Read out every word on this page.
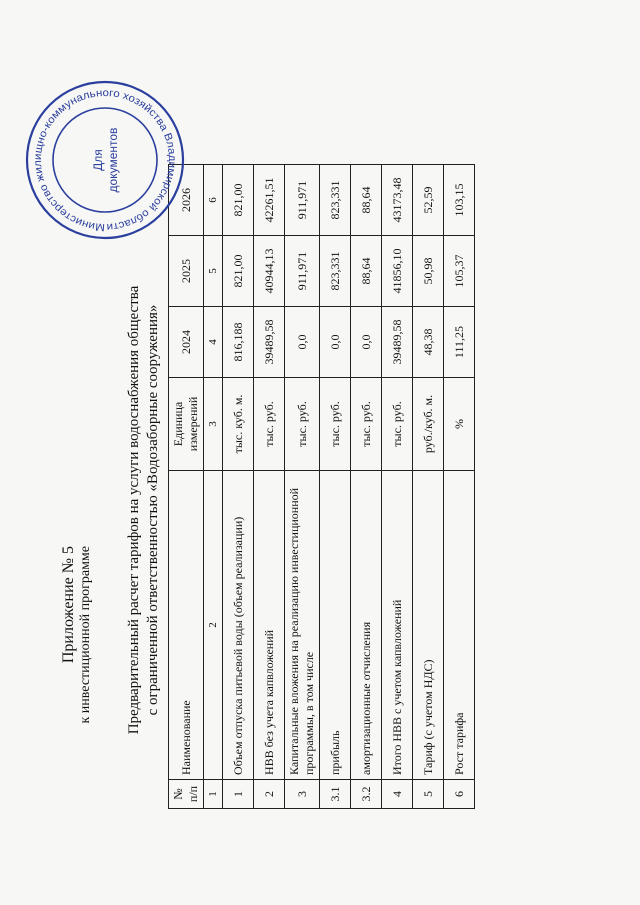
Приложение № 5 к инвестиционной программе Предварительный расчет тарифов на услуги водоснабжения общества с ограниченной ответственностью «Водозаборные сооружения»
№ п/п	Наименование	Единица измерений	2024	2025	2026
1	2	3	4	5	6
1	Объем отпуска питьевой воды (объем реализации)	тыс. куб. м.	816,188	821,00	821,00
2	НВВ без учета капвложений	тыс. руб.	39489,58	40944,13	42261,51
3	Капитальные вложения на реализацию инвестиционной программы, в том числе	тыс. руб.	0,0	911,971	911,971
3.1	прибыль	тыс. руб.	0,0	823,331	823,331
3.2	амортизационные отчисления	тыс. руб.	0,0	88,64	88,64
4	Итого НВВ с учетом капвложений	тыс. руб.	39489,58	41856,10	43173,48
5	Тариф (с учетом НДС)	руб./куб. м.	48,38	50,98	52,59
6	Рост тарифа	%	111,25	105,37	103,15
Министерство жилищно-коммунального хозяйства Владимирской области
Для документов
